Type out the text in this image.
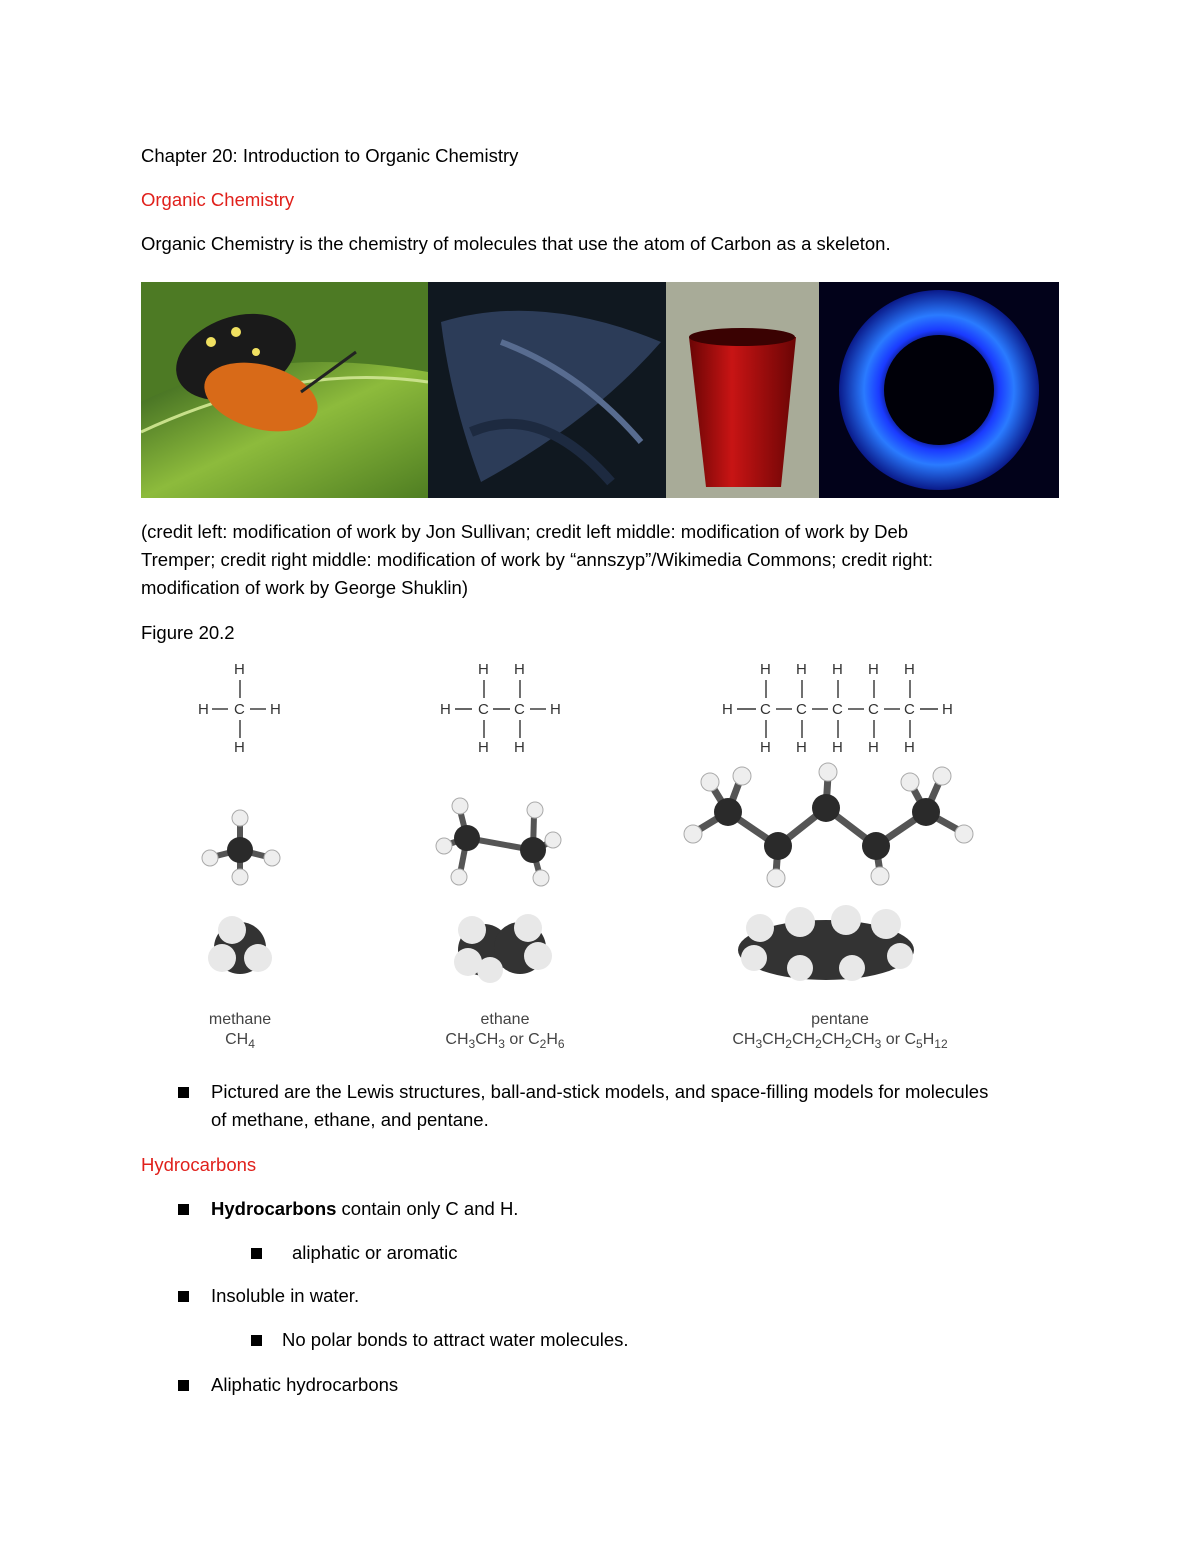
Chapter 20: Introduction to Organic Chemistry
Organic Chemistry
Organic Chemistry is the chemistry of molecules that use the atom of Carbon as a skeleton.
(credit left: modification of work by Jon Sullivan; credit left middle: modification of work by Deb
Tremper; credit right middle: modification of work by “annszyp”/Wikimedia Commons; credit right:
modification of work by George Shuklin)
Figure 20.2
H
H C H
H
H H
H C C H
H H
H
H
C
H
H
C
H
H
C
H
H
C
H
H
C
H
H
methane
$CH_4$
ethane
$CH_3CH_3$ or $C_2H_6$
pentane
$CH_3CH_2CH_2CH_2CH_3$ or $C_5H_{12}$
Pictured are the Lewis structures, ball-and-stick models, and space-filling models for molecules
of methane, ethane, and pentane.
Hydrocarbons
Hydrocarbons contain only C and H.
aliphatic or aromatic
Insoluble in water.
No polar bonds to attract water molecules.
Aliphatic hydrocarbons
